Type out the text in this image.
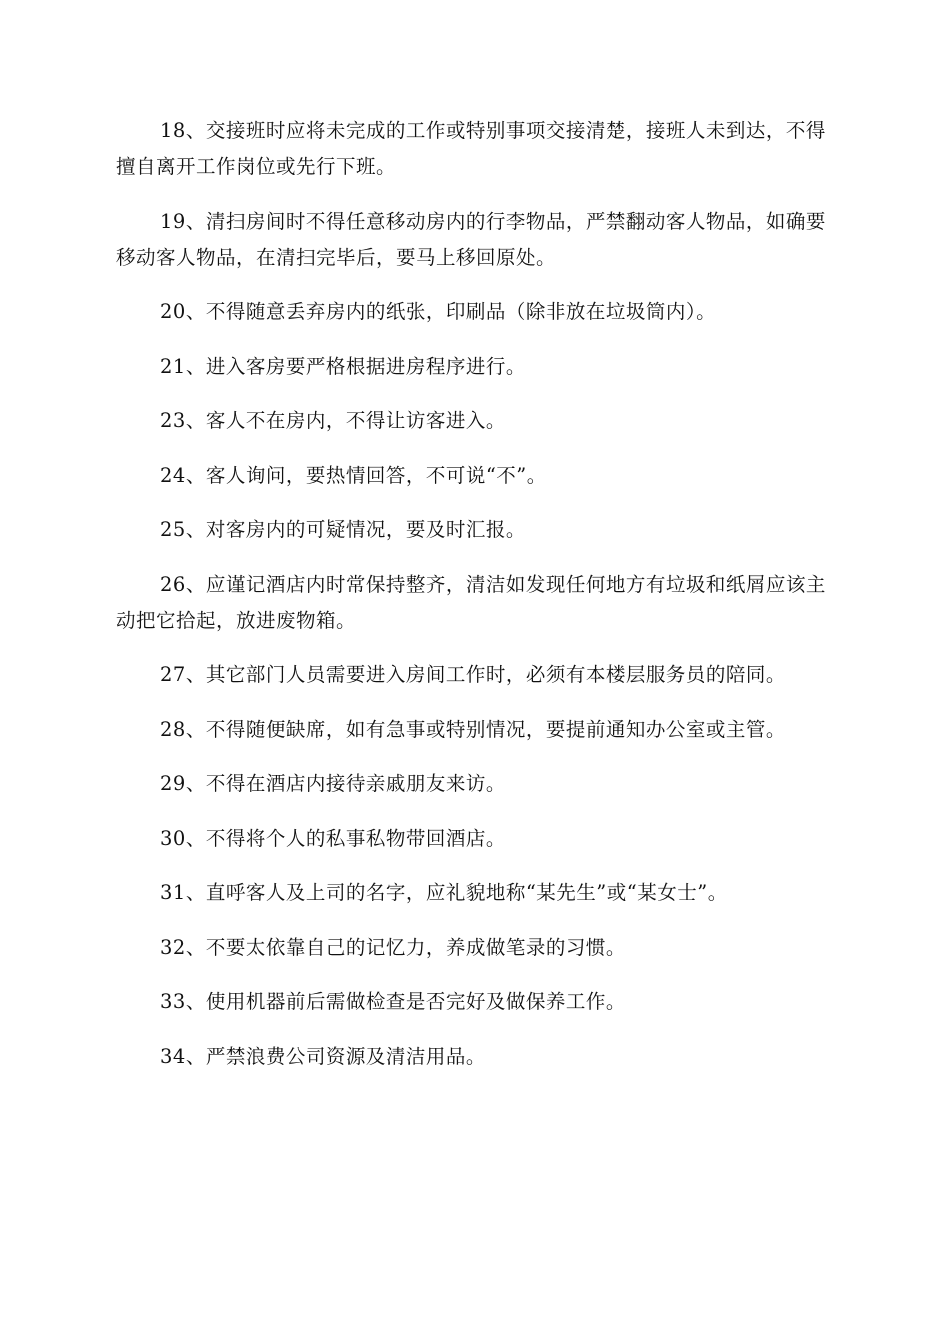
18、交接班时应将未完成的工作或特别事项交接清楚，接班人未到达，不得擅自离开工作岗位或先行下班。

19、清扫房间时不得任意移动房内的行李物品，严禁翻动客人物品，如确要移动客人物品，在清扫完毕后，要马上移回原处。

20、不得随意丢弃房内的纸张，印刷品（除非放在垃圾筒内）。

21、进入客房要严格根据进房程序进行。

23、客人不在房内，不得让访客进入。

24、客人询问，要热情回答，不可说“不”。

25、对客房内的可疑情况，要及时汇报。

26、应谨记酒店内时常保持整齐，清洁如发现任何地方有垃圾和纸屑应该主动把它拾起，放进废物箱。

27、其它部门人员需要进入房间工作时，必须有本楼层服务员的陪同。

28、不得随便缺席，如有急事或特别情况，要提前通知办公室或主管。

29、不得在酒店内接待亲戚朋友来访。

30、不得将个人的私事私物带回酒店。

31、直呼客人及上司的名字，应礼貌地称“某先生”或“某女士”。

32、不要太依靠自己的记忆力，养成做笔录的习惯。

33、使用机器前后需做检查是否完好及做保养工作。

34、严禁浪费公司资源及清洁用品。
